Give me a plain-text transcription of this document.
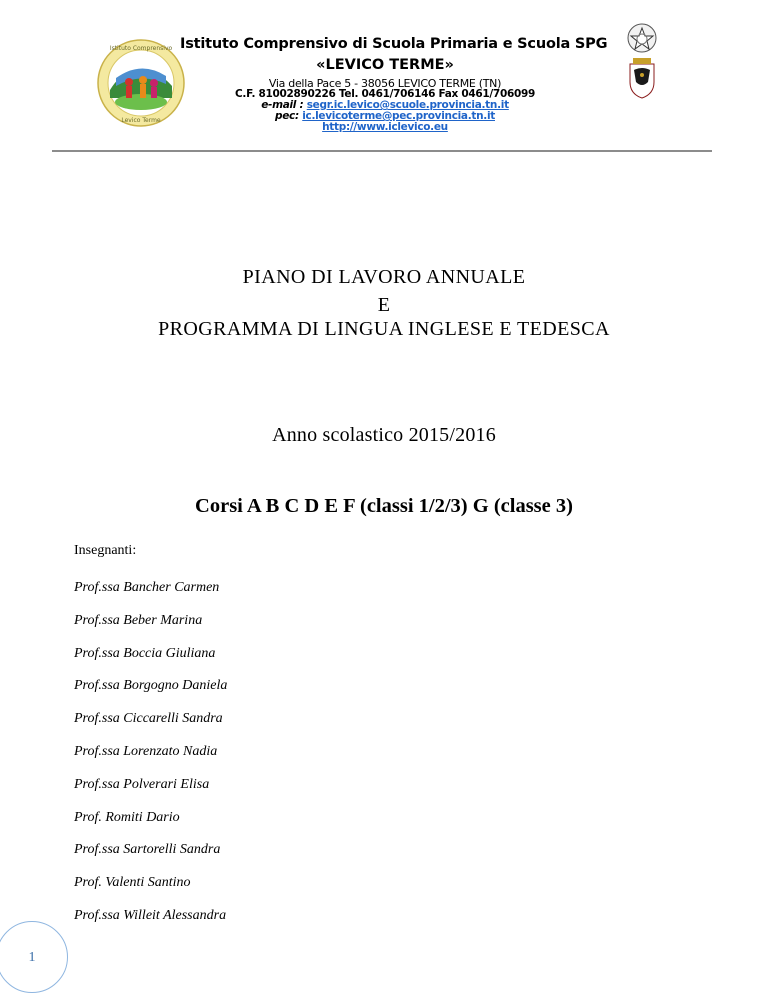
Istituto Comprensivo
Levico Terme
Istituto Comprensivo di Scuola Primaria e Scuola SPG
«LEVICO TERME»
Via della Pace 5 - 38056 LEVICO TERME (TN)
C.F. 81002890226 Tel. 0461/706146 Fax 0461/706099
e-mail : segr.ic.levico@scuole.provincia.tn.it
pec: ic.levicoterme@pec.provincia.tn.it
http://www.iclevico.eu
PIANO DI LAVORO ANNUALE
E
PROGRAMMA DI LINGUA INGLESE E TEDESCA
Anno scolastico 2015/2016
Corsi A B C D E F (classi 1/2/3) G (classe 3)
Insegnanti:
Prof.ssa Bancher Carmen
Prof.ssa Beber Marina
Prof.ssa Boccia Giuliana
Prof.ssa Borgogno Daniela
Prof.ssa Ciccarelli Sandra
Prof.ssa Lorenzato Nadia
Prof.ssa Polverari Elisa
Prof. Romiti Dario
Prof.ssa Sartorelli Sandra
Prof. Valenti Santino
Prof.ssa Willeit Alessandra
1
